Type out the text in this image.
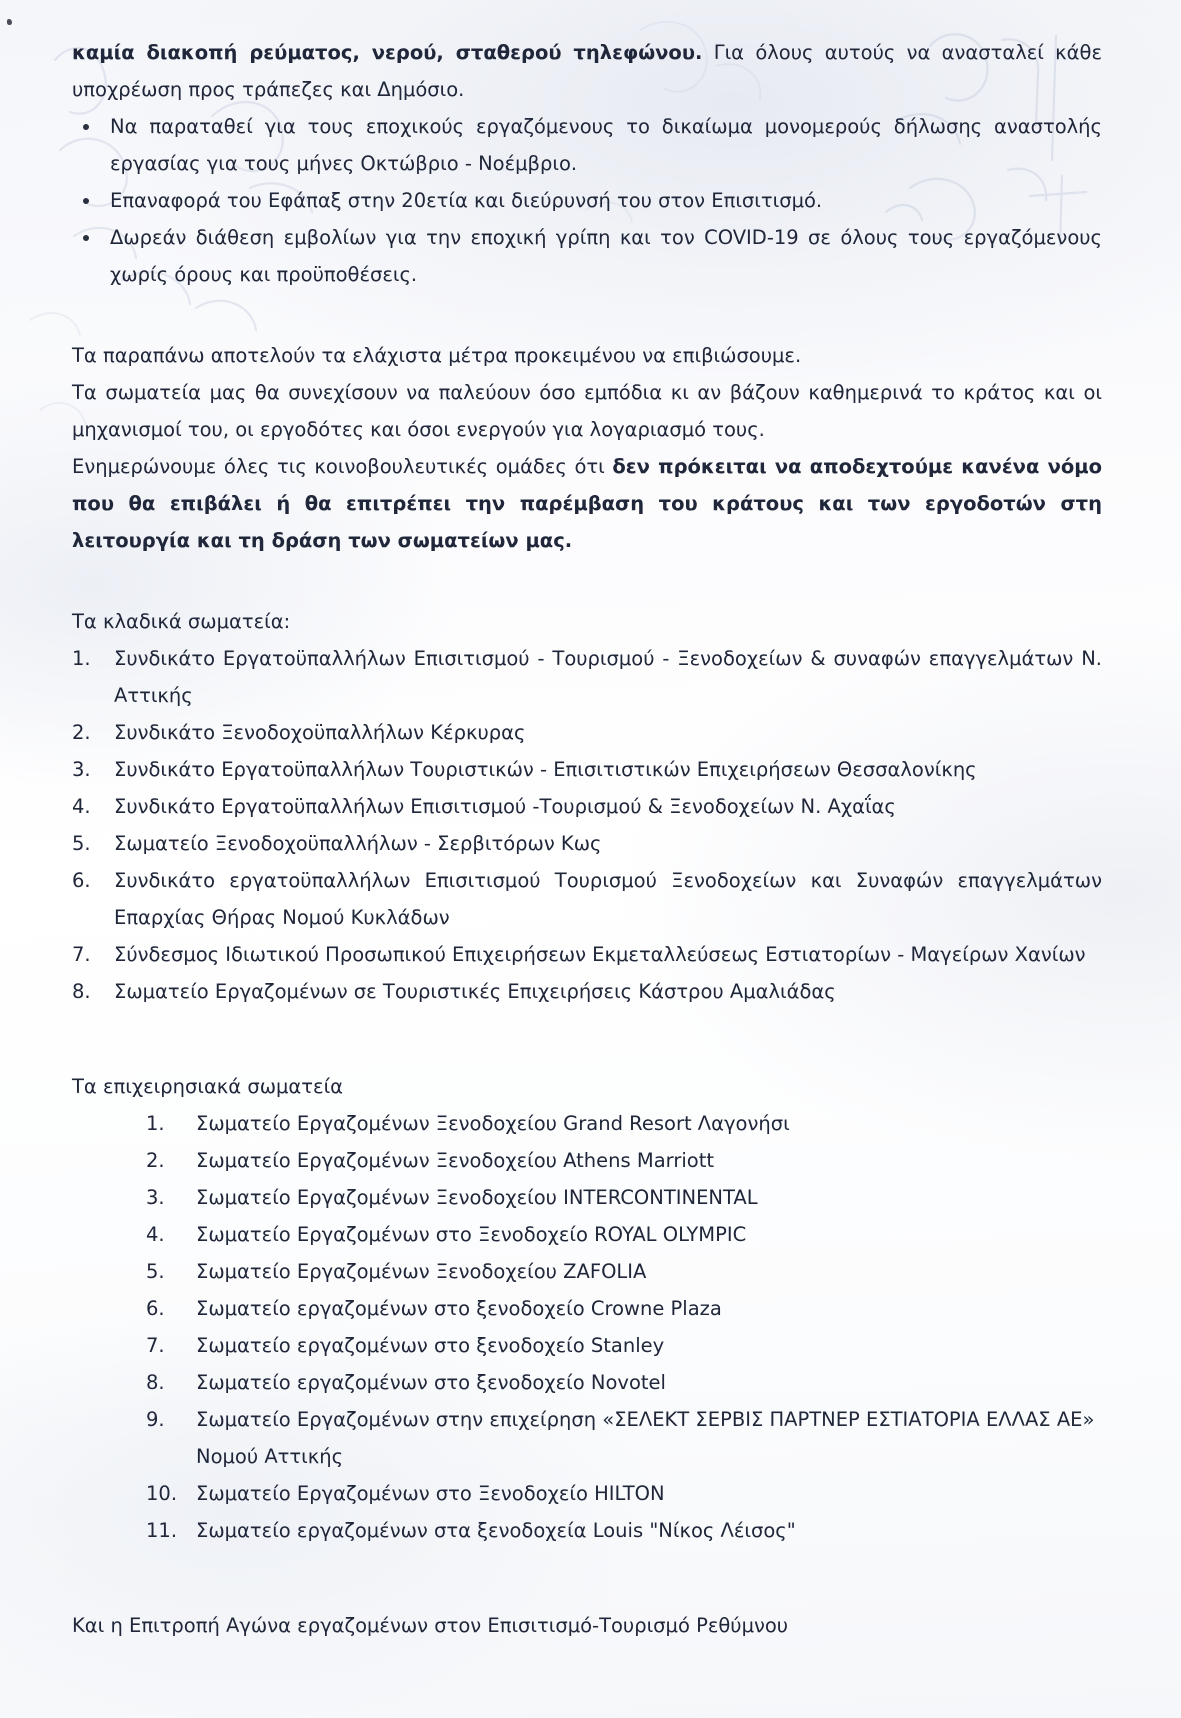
καμία διακοπή ρεύματος, νερού, σταθερού τηλεφώνου. Για όλους αυτούς να ανασταλεί κάθε υποχρέωση προς τράπεζες και Δημόσιο.

Να παραταθεί για τους εποχικούς εργαζόμενους το δικαίωμα μονομερούς δήλωσης αναστολής εργασίας για τους μήνες Οκτώβριο - Νοέμβριο.
Επαναφορά του Εφάπαξ στην 20ετία και διεύρυνσή του στον Επισιτισμό.
Δωρεάν διάθεση εμβολίων για την εποχική γρίπη και τον COVID-19 σε όλους τους εργαζόμενους χωρίς όρους και προϋποθέσεις.

Τα παραπάνω αποτελούν τα ελάχιστα μέτρα προκειμένου να επιβιώσουμε.

Τα σωματεία μας θα συνεχίσουν να παλεύουν όσο εμπόδια κι αν βάζουν καθημερινά το κράτος και οι μηχανισμοί του, οι εργοδότες και όσοι ενεργούν για λογαριασμό τους.

Ενημερώνουμε όλες τις κοινοβουλευτικές ομάδες ότι δεν πρόκειται να αποδεχτούμε κανένα νόμο που θα επιβάλει ή θα επιτρέπει την παρέμβαση του κράτους και των εργοδοτών στη λειτουργία και τη δράση των σωματείων μας.

Τα κλαδικά σωματεία:

1.	Συνδικάτο Εργατοϋπαλλήλων Επισιτισμού - Τουρισμού - Ξενοδοχείων & συναφών επαγγελμάτων Ν. Αττικής
2.	Συνδικάτο Ξενοδοχοϋπαλλήλων Κέρκυρας
3.	Συνδικάτο Εργατοϋπαλλήλων Τουριστικών - Επισιτιστικών Επιχειρήσεων Θεσσαλονίκης
4.	Συνδικάτο Εργατοϋπαλλήλων Επισιτισμού -Τουρισμού & Ξενοδοχείων Ν. Αχαΐας
5.	Σωματείο Ξενοδοχοϋπαλλήλων - Σερβιτόρων Κως
6.	Συνδικάτο εργατοϋπαλλήλων Επισιτισμού Τουρισμού Ξενοδοχείων και Συναφών επαγγελμάτων Επαρχίας Θήρας Νομού Κυκλάδων
7.	Σύνδεσμος Ιδιωτικού Προσωπικού Επιχειρήσεων Εκμεταλλεύσεως Εστιατορίων - Μαγείρων Χανίων
8.	Σωματείο Εργαζομένων σε Τουριστικές Επιχειρήσεις Κάστρου Αμαλιάδας

Τα επιχειρησιακά σωματεία

1.	Σωματείο Εργαζομένων Ξενοδοχείου Grand Resort Λαγονήσι
2.	Σωματείο Εργαζομένων Ξενοδοχείου Athens Marriott
3.	Σωματείο Εργαζομένων Ξενοδοχείου INTERCONTINENTAL
4.	Σωματείο Εργαζομένων στο Ξενοδοχείο ROYAL OLYMPIC
5.	Σωματείο Εργαζομένων Ξενοδοχείου ZAFOLIA
6.	Σωματείο εργαζομένων στο ξενοδοχείο Crowne Plaza
7.	Σωματείο εργαζομένων στο ξενοδοχείο Stanley
8.	Σωματείο εργαζομένων στο ξενοδοχείο Novotel
9.	Σωματείο Εργαζομένων στην επιχείρηση «ΣΕΛΕΚΤ ΣΕΡΒΙΣ ΠΑΡΤΝΕΡ ΕΣΤΙΑΤΟΡΙΑ ΕΛΛΑΣ ΑΕ» Νομού Αττικής
10. Σωματείο Εργαζομένων στο Ξενοδοχείο HILTON
11. Σωματείο εργαζομένων στα ξενοδοχεία Louis "Νίκος Λέισος"

Και η Επιτροπή Αγώνα εργαζομένων στον Επισιτισμό-Τουρισμό Ρεθύμνου
